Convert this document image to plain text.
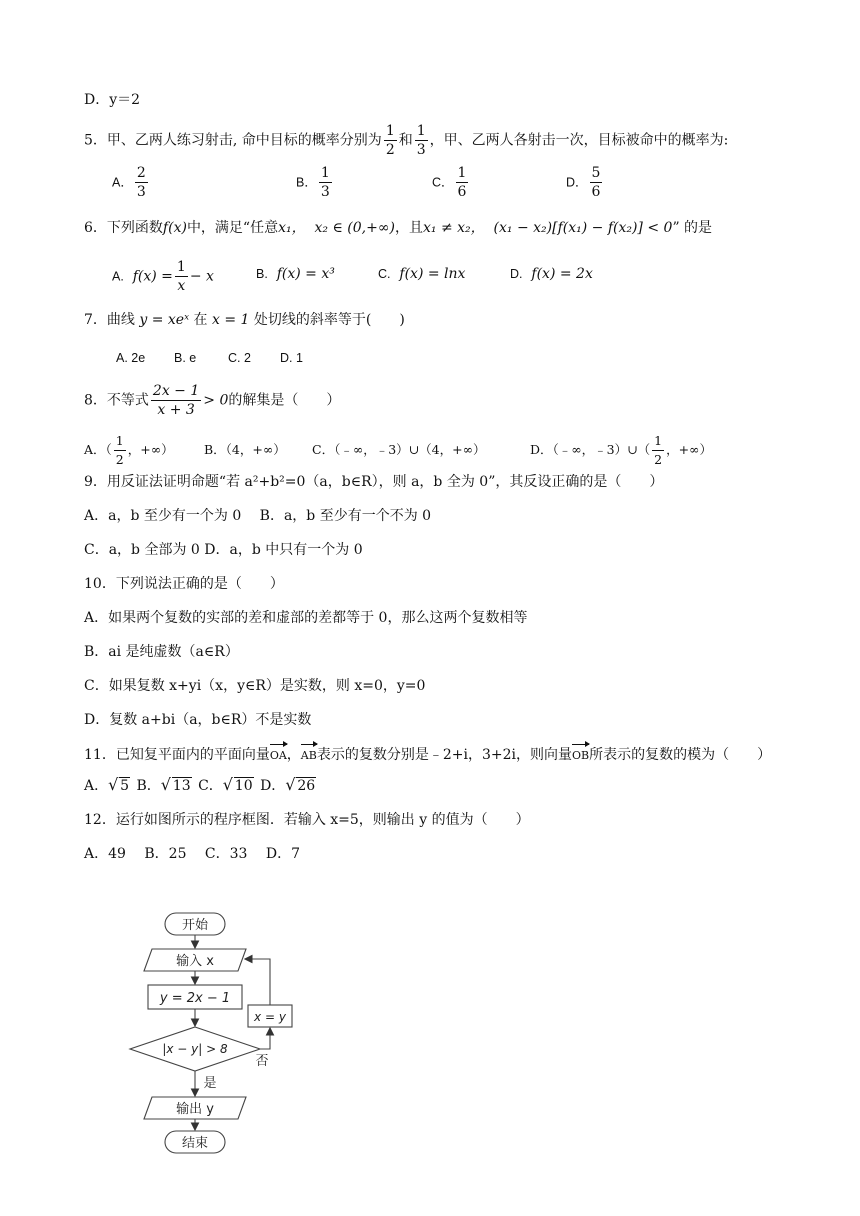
D．y＝2
5．甲、乙两人练习射击, 命中目标的概率分别为 $\frac{1}{2}$ 和 $\frac{1}{3}$ ，甲、乙两人各射击一次，目标被命中的概率为:
A． $\frac{2}{3}$	B． $\frac{1}{3}$	C． $\frac{1}{6}$	D． $\frac{5}{6}$
6．下列函数f(x)中，满足“任意x₁， x₂ ∈ (0,+∞)，且x₁ ≠ x₂， (x₁ − x₂)[f(x₁) − f(x₂)] < 0” 的是
A. $f(x) = \frac{1}{x} - x$	B. f(x) = x³	C. f(x) = lnx	D. f(x) = 2x
7．曲线 y = xeˣ 在 x = 1 处切线的斜率等于(　　)
A. 2e B. e	C. 2 D. 1
8．不等式 $\frac{2x - 1}{x + 3} > 0$的解集是（　　）
A．（ $\frac{1}{2}$ ，+∞） B．（4，+∞） C．（﹣∞，﹣3）∪（4，+∞）	D．（﹣∞，﹣3）∪（ $\frac{1}{2}$ ，+∞）
9．用反证法证明命题“若 a²+b²=0（a，b∈R），则 a，b 全为 0”，其反设正确的是（　　）
A．a，b 至少有一个为 0　 B．a，b 至少有一个不为 0
C．a，b 全部为 0 D．a，b 中只有一个为 0
10．下列说法正确的是（　　）
A．如果两个复数的实部的差和虚部的差都等于 0，那么这两个复数相等
B．ai 是纯虚数（a∈R）
C．如果复数 x+yi（x，y∈R）是实数，则 x=0，y=0
D．复数 a+bi（a，b∈R）不是实数
11．已知复平面内的平面向量OA，AB表示的复数分别是﹣2+i，3+2i，则向量OB所表示的复数的模为（　　）
A． √ 5 B． √ 13 C． √ 10 D． √ 26
12．运行如图所示的程序框图．若输入 x=5，则输出 y 的值为（　　）
A．49　 B．25　 C．33　 D．7
开始
输入 x
y = 2x − 1
|x − y| > 8
x = y
是
否
输出 y
结束
